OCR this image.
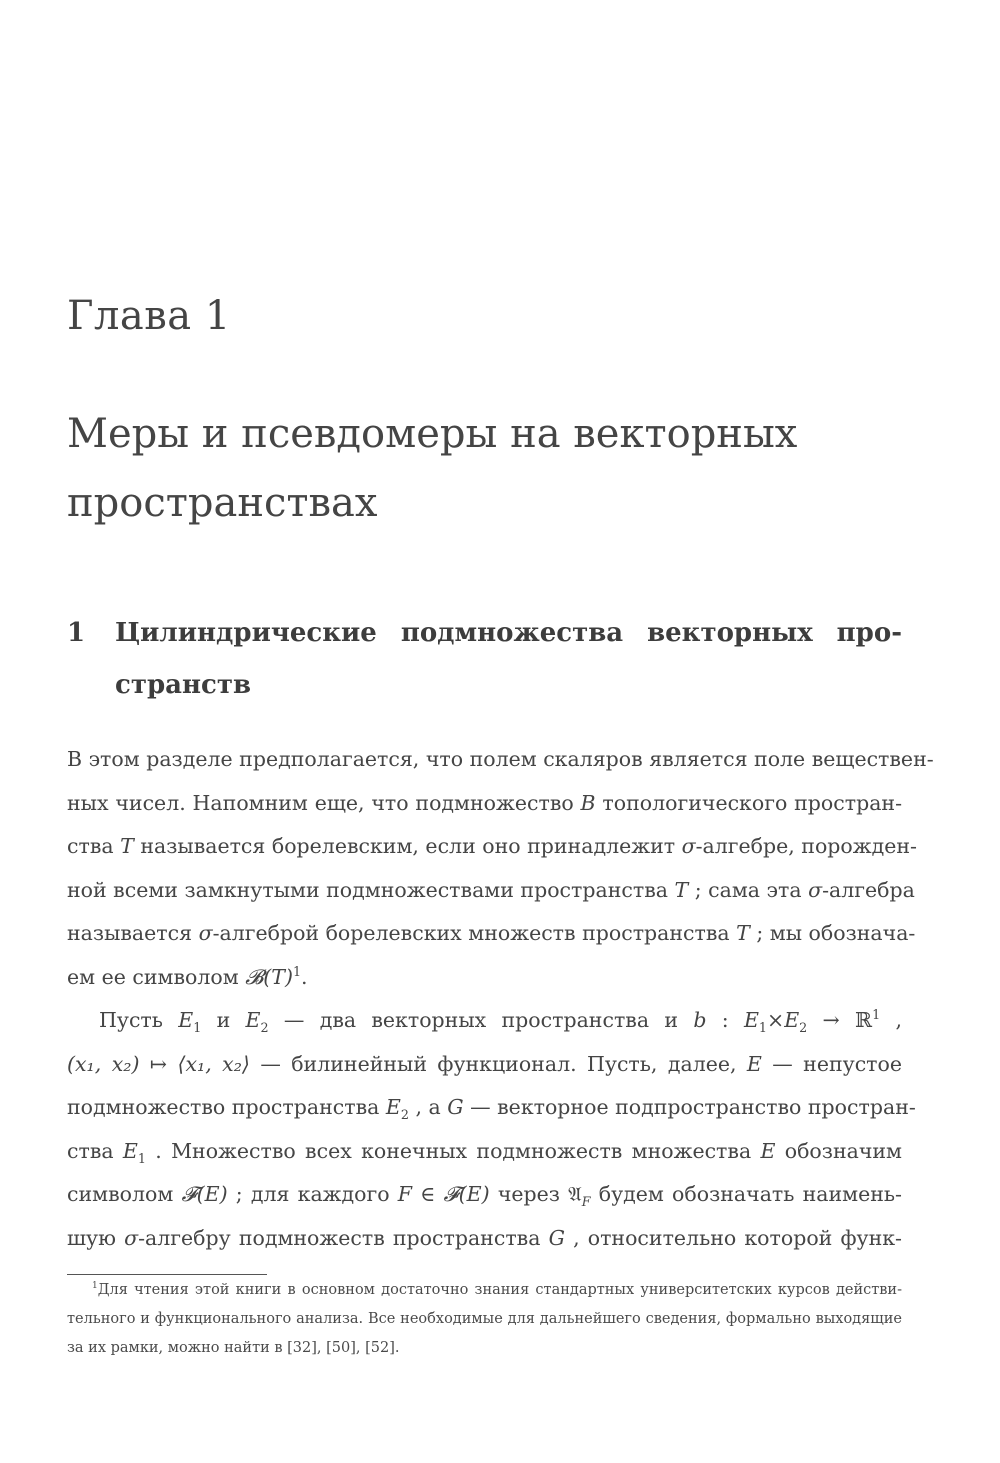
Глава 1
Меры и псевдомеры на векторных
пространствах
1 Цилиндрические подмножества векторных про-
странств
В этом разделе предполагается, что полем скаляров является поле веществен-
ных чисел. Напомним еще, что подмножество B топологического простран-
ства T называется борелевским, если оно принадлежит σ-алгебре, порожден-
ной всеми замкнутыми подмножествами пространства T ; сама эта σ-алгебра
называется σ-алгеброй борелевских множеств пространства T ; мы обознача-
ем ее символом $𝓑(T)^1$.
Пусть $E_1$ и $E_2$ — два векторных пространства и b : $E_1\times E_2$ → ℝ$^1$ ,
(x₁, x₂) ↦ ⟨x₁, x₂⟩ — билинейный функционал. Пусть, далее, E — непустое
подмножество пространства $E_2$ , а G — векторное подпространство простран-
ства $E_1$ . Множество всех конечных подмножеств множества E обозначим
символом 𝓕(E) ; для каждого F ∈ 𝓕(E) через 𝔄$_F$ будем обозначать наимень-
шую σ-алгебру подмножеств пространства G , относительно которой функ-
$^1$Для чтения этой книги в основном достаточно знания стандартных университетских курсов действи-
тельного и функционального анализа. Все необходимые для дальнейшего сведения, формально выходящие
за их рамки, можно найти в [32], [50], [52].
